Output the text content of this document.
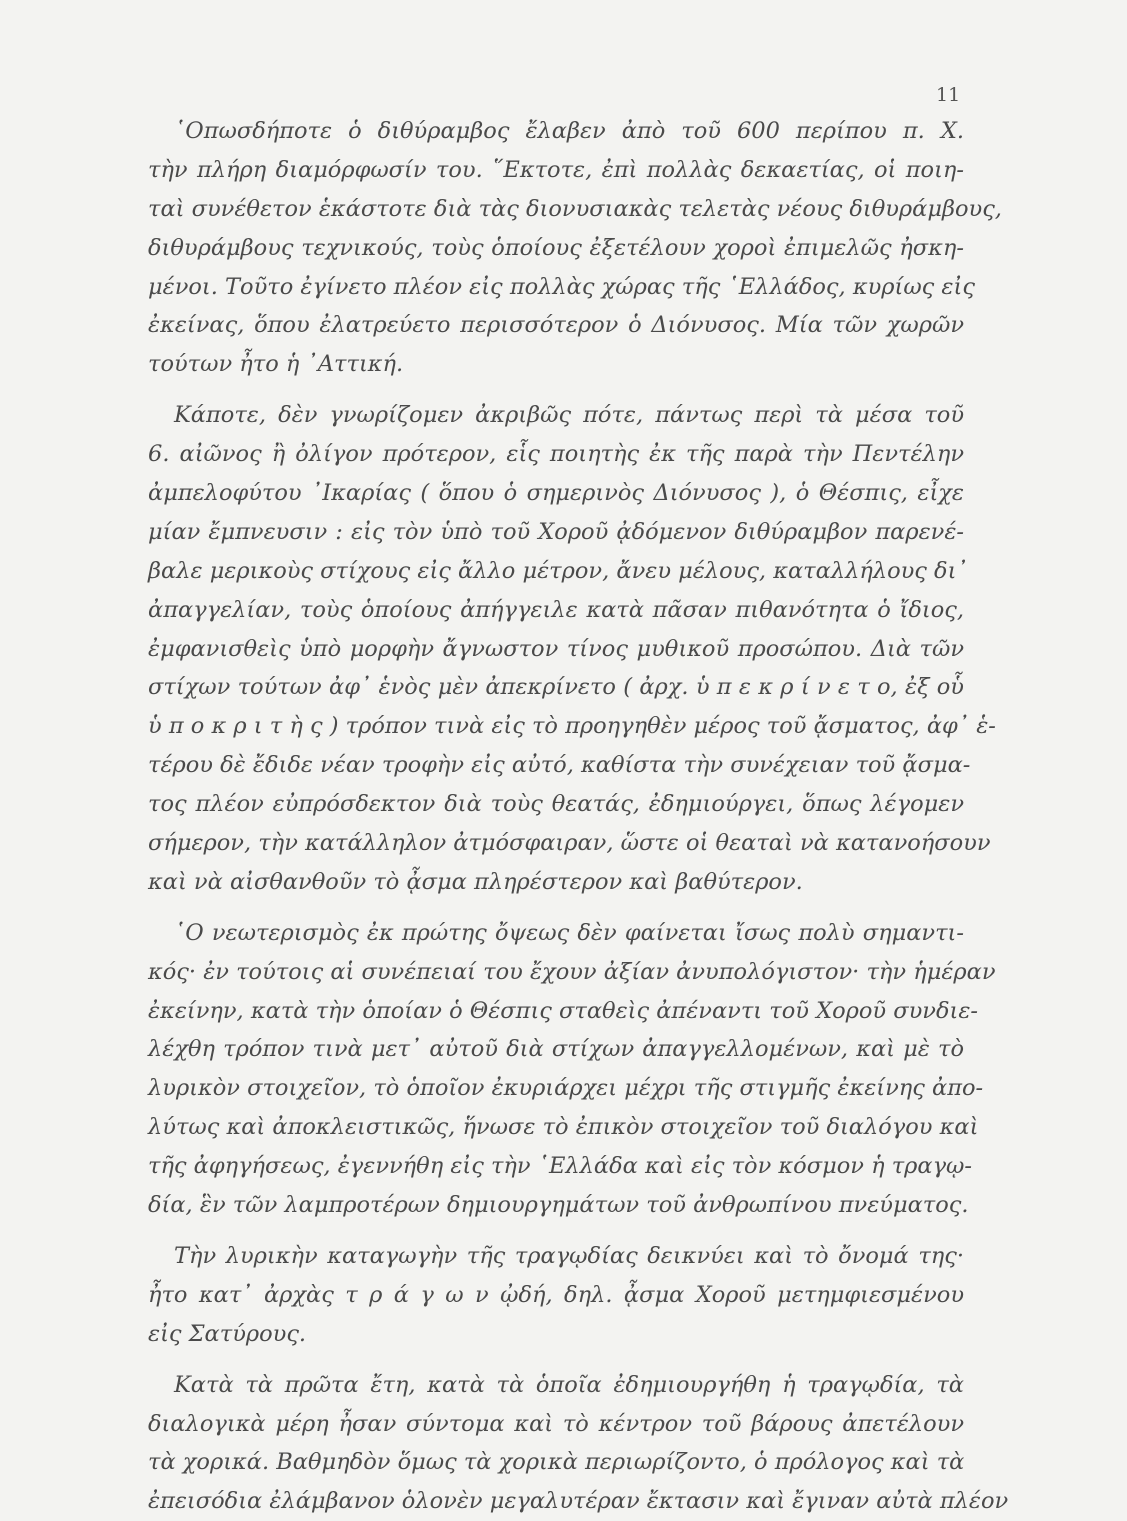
11
῾Οπωσδήποτε ὁ διθύραμβος ἔλαβεν ἀπὸ τοῦ 600 περίπου π. Χ.
τὴν πλήρη διαμόρφωσίν του. ῞Εκτοτε, ἐπὶ πολλὰς δεκαετίας, οἱ ποιη-
ταὶ συνέθετον ἑκάστοτε διὰ τὰς διονυσιακὰς τελετὰς νέους διθυράμβους,
διθυράμβους τεχνικούς, τοὺς ὁποίους ἐξετέλουν χοροὶ ἐπιμελῶς ἠσκη-
μένοι. Τοῦτο ἐγίνετο πλέον εἰς πολλὰς χώρας τῆς ῾Ελλάδος, κυρίως εἰς
ἐκείνας, ὅπου ἐλατρεύετο περισσότερον ὁ Διόνυσος. Μία τῶν χωρῶν
τούτων ἦτο ἡ ᾿Αττική.
Κάποτε, δὲν γνωρίζομεν ἀκριβῶς πότε, πάντως περὶ τὰ μέσα τοῦ
6. αἰῶνος ἢ ὀλίγον πρότερον, εἷς ποιητὴς ἐκ τῆς παρὰ τὴν Πεντέλην
ἀμπελοφύτου ᾿Ικαρίας ( ὅπου ὁ σημερινὸς Διόνυσος ), ὁ Θέσπις, εἶχε
μίαν ἔμπνευσιν : εἰς τὸν ὑπὸ τοῦ Χοροῦ ᾀδόμενον διθύραμβον παρενέ-
βαλε μερικοὺς στίχους εἰς ἄλλο μέτρον, ἄνευ μέλους, καταλλήλους δι᾿
ἀπαγγελίαν, τοὺς ὁποίους ἀπήγγειλε κατὰ πᾶσαν πιθανότητα ὁ ἴδιος,
ἐμφανισθεὶς ὑπὸ μορφὴν ἄγνωστον τίνος μυθικοῦ προσώπου. Διὰ τῶν
στίχων τούτων ἀφ᾿ ἑνὸς μὲν ἀπεκρίνετο ( ἀρχ. ὑ π ε κ ρ ί ν ε τ ο, ἐξ οὗ
ὑ π ο κ ρ ι τ ὴ ς ) τρόπον τινὰ εἰς τὸ προηγηθὲν μέρος τοῦ ᾄσματος, ἀφ᾿ ἑ-
τέρου δὲ ἔδιδε νέαν τροφὴν εἰς αὐτό, καθίστα τὴν συνέχειαν τοῦ ᾄσμα-
τος πλέον εὐπρόσδεκτον διὰ τοὺς θεατάς, ἐδημιούργει, ὅπως λέγομεν
σήμερον, τὴν κατάλληλον ἀτμόσφαιραν, ὥστε οἱ θεαταὶ νὰ κατανοήσουν
καὶ νὰ αἰσθανθοῦν τὸ ᾆσμα πληρέστερον καὶ βαθύτερον.
῾Ο νεωτερισμὸς ἐκ πρώτης ὄψεως δὲν φαίνεται ἴσως πολὺ σημαντι-
κός· ἐν τούτοις αἱ συνέπειαί του ἔχουν ἀξίαν ἀνυπολόγιστον· τὴν ἡμέραν
ἐκείνην, κατὰ τὴν ὁποίαν ὁ Θέσπις σταθεὶς ἀπέναντι τοῦ Χοροῦ συνδιε-
λέχθη τρόπον τινὰ μετ᾿ αὐτοῦ διὰ στίχων ἀπαγγελλομένων, καὶ μὲ τὸ
λυρικὸν στοιχεῖον, τὸ ὁποῖον ἐκυριάρχει μέχρι τῆς στιγμῆς ἐκείνης ἀπο-
λύτως καὶ ἀποκλειστικῶς, ἥνωσε τὸ ἐπικὸν στοιχεῖον τοῦ διαλόγου καὶ
τῆς ἀφηγήσεως, ἐγεννήθη εἰς τὴν ῾Ελλάδα καὶ εἰς τὸν κόσμον ἡ τραγῳ-
δία, ἓν τῶν λαμπροτέρων δημιουργημάτων τοῦ ἀνθρωπίνου πνεύματος.
Τὴν λυρικὴν καταγωγὴν τῆς τραγῳδίας δεικνύει καὶ τὸ ὄνομά της·
ἦτο κατ᾿ ἀρχὰς τ ρ ά γ ω ν ᾠδή, δηλ. ᾆσμα Χοροῦ μετημφιεσμένου
εἰς Σατύρους.
Κατὰ τὰ πρῶτα ἔτη, κατὰ τὰ ὁποῖα ἐδημιουργήθη ἡ τραγῳδία, τὰ
διαλογικὰ μέρη ἦσαν σύντομα καὶ τὸ κέντρον τοῦ βάρους ἀπετέλουν
τὰ χορικά. Βαθμηδὸν ὅμως τὰ χορικὰ περιωρίζοντο, ὁ πρόλογος καὶ τὰ
ἐπεισόδια ἐλάμβανον ὁλονὲν μεγαλυτέραν ἔκτασιν καὶ ἔγιναν αὐτὰ πλέον
